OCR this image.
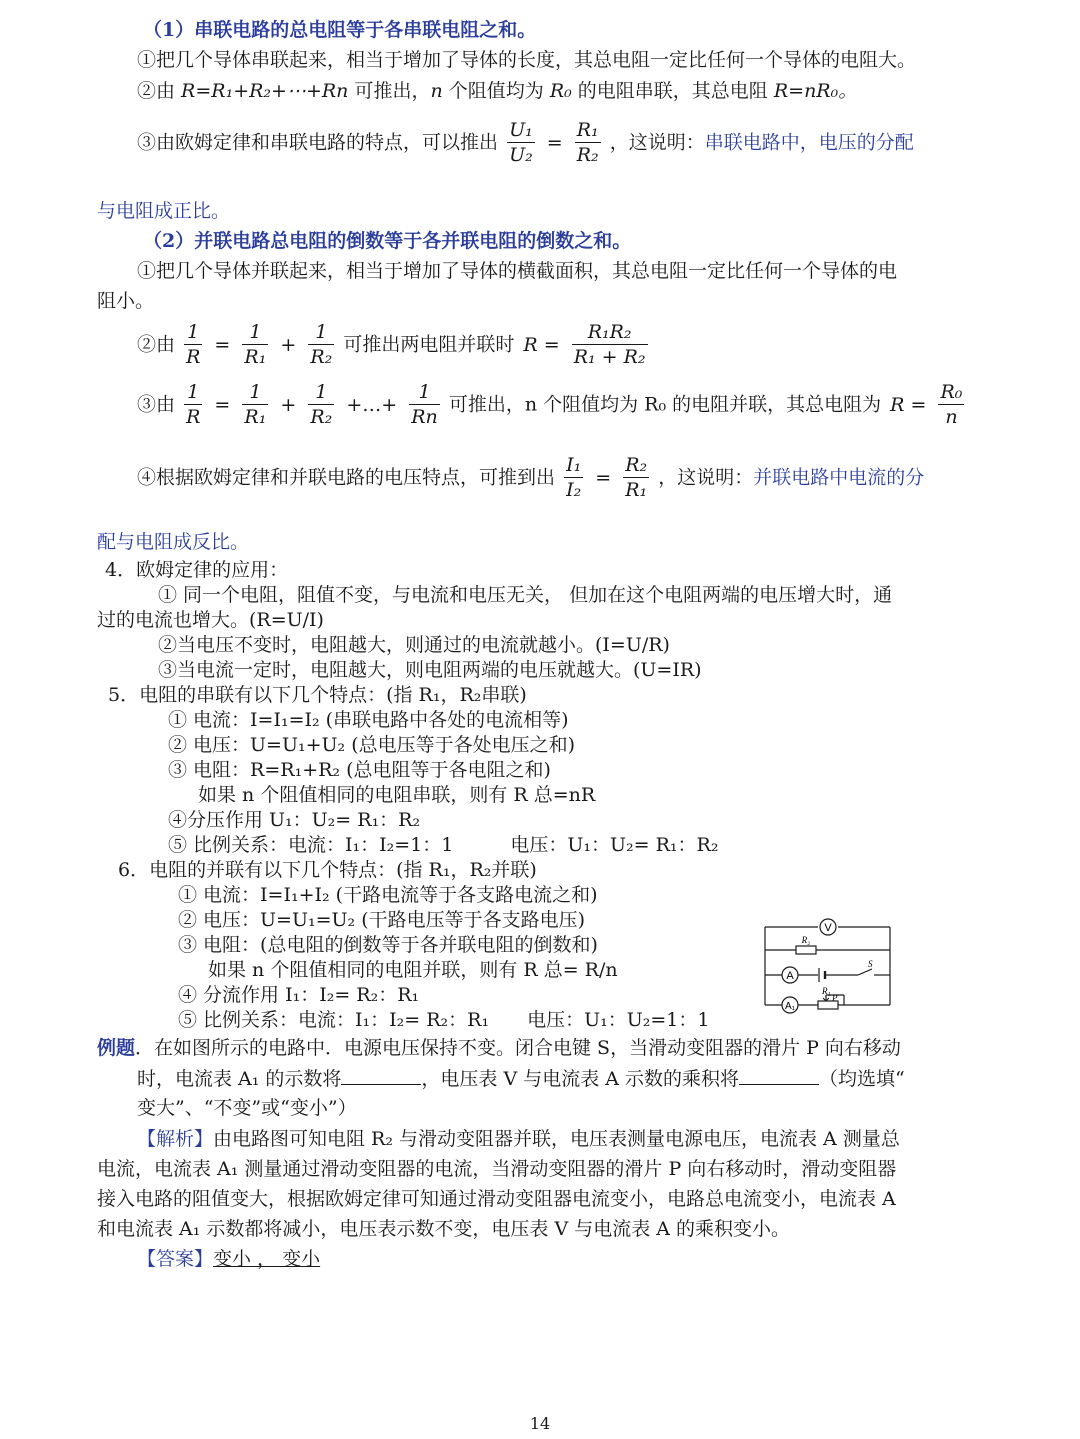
（1）串联电路的总电阻等于各串联电阻之和。
①把几个导体串联起来，相当于增加了导体的长度，其总电阻一定比任何一个导体的电阻大。
②由 R=R₁+R₂+⋯+Rn 可推出，n 个阻值均为 R₀ 的电阻串联，其总电阻 R=nR₀。
③由欧姆定律和串联电路的特点，可以推出 $\frac{\text{U₁}}{\text{U₂}} = \frac{\text{R₁}}{\text{R₂}}$ ，这说明：串联电路中，电压的分配
与电阻成正比。
（2）并联电路总电阻的倒数等于各并联电阻的倒数之和。
①把几个导体并联起来，相当于增加了导体的横截面积，其总电阻一定比任何一个导体的电
阻小。
②由 $\frac{1}{R} = \frac{1}{\text{R₁}} + \frac{1}{\text{R₂}}$ 可推出两电阻并联时 $R = \frac{\text{R₁R₂}}{\text{R₁ + R₂}}$
③由 $\frac{1}{R} = \frac{1}{\text{R₁}} + \frac{1}{\text{R₂}}$ +…+ $\frac{1}{Rn}$ 可推出，n 个阻值均为 R₀ 的电阻并联，其总电阻为 $R = \frac{\text{R₀}}{n}$
④根据欧姆定律和并联电路的电压特点，可推到出 $\frac{\text{I₁}}{\text{I₂}} = \frac{\text{R₂}}{\text{R₁}}$ ，这说明：并联电路中电流的分
配与电阻成反比。
4．欧姆定律的应用：
① 同一个电阻，阻值不变，与电流和电压无关， 但加在这个电阻两端的电压增大时，通
过的电流也增大。(R=U/I)
②当电压不变时，电阻越大，则通过的电流就越小。(I=U/R)
③当电流一定时，电阻越大，则电阻两端的电压就越大。(U=IR)
5．电阻的串联有以下几个特点：(指 R₁，R₂串联)
① 电流：I=I₁=I₂ (串联电路中各处的电流相等)
② 电压：U=U₁+U₂ (总电压等于各处电压之和)
③ 电阻：R=R₁+R₂ (总电阻等于各电阻之和)
如果 n 个阻值相同的电阻串联，则有 R 总=nR
④分压作用 U₁：U₂= R₁：R₂
⑤ 比例关系：电流：I₁：I₂=1：1　　　电压：U₁：U₂= R₁：R₂
6．电阻的并联有以下几个特点：(指 R₁，R₂并联)
① 电流：I=I₁+I₂ (干路电流等于各支路电流之和)
② 电压：U=U₁=U₂ (干路电压等于各支路电压)
③ 电阻：(总电阻的倒数等于各并联电阻的倒数和)
如果 n 个阻值相同的电阻并联，则有 R 总= R/n
④ 分流作用 I₁：I₂= R₂：R₁
⑤ 比例关系：电流：I₁：I₂= R₂：R₁　　电压：U₁：U₂=1：1
V
R₂
A
S
A₁
R₁
P
例题．在如图所示的电路中．电源电压保持不变。闭合电键 S，当滑动变阻器的滑片 P 向右移动
时，电流表 A₁ 的示数将	，电压表 V 与电流表 A 示数的乘积将	（均选填“
变大”、“不变”或“变小”）
【解析】由电路图可知电阻 R₂ 与滑动变阻器并联，电压表测量电源电压，电流表 A 测量总
电流，电流表 A₁ 测量通过滑动变阻器的电流，当滑动变阻器的滑片 P 向右移动时，滑动变阻器
接入电路的阻值变大，根据欧姆定律可知通过滑动变阻器电流变小，电路总电流变小，电流表 A
和电流表 A₁ 示数都将减小，电压表示数不变，电压表 V 与电流表 A 的乘积变小。
【答案】变小 ， 变小
14
